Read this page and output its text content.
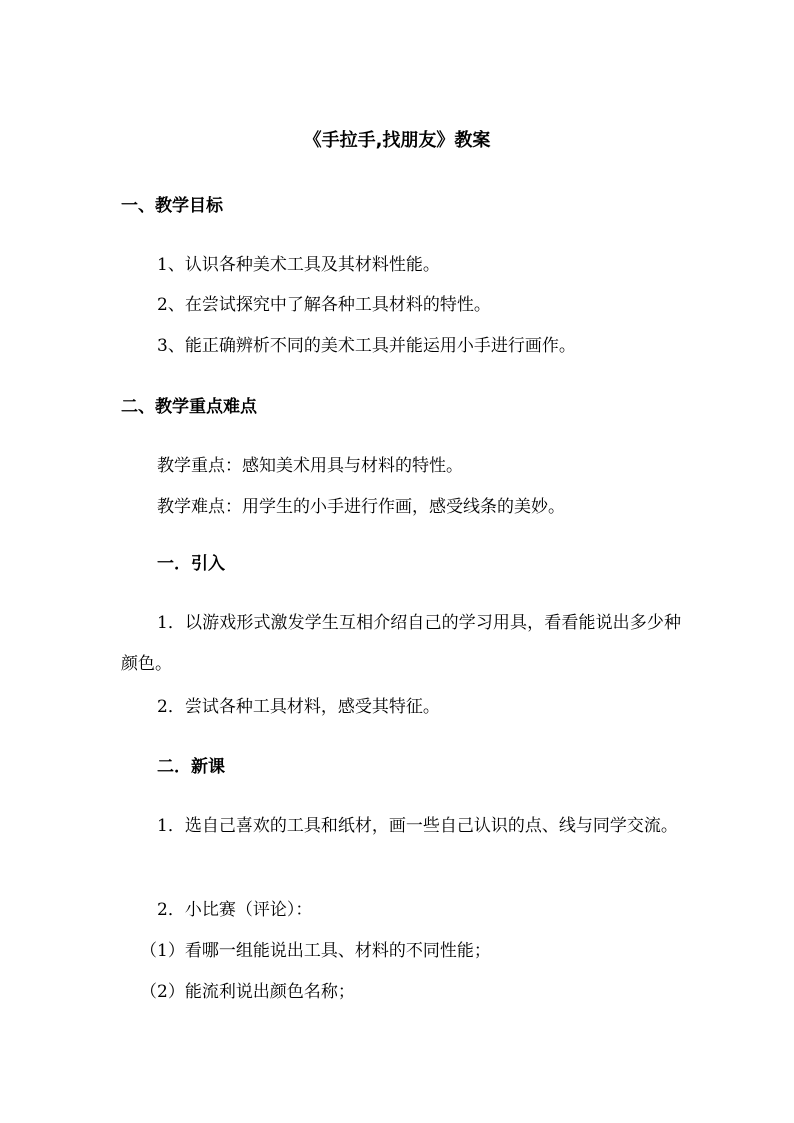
《手拉手,找朋友》教案
一、教学目标
1、认识各种美术工具及其材料性能。
2、在尝试探究中了解各种工具材料的特性。
3、能正确辨析不同的美术工具并能运用小手进行画作。
二、教学重点难点
教学重点：感知美术用具与材料的特性。
教学难点：用学生的小手进行作画，感受线条的美妙。
一．引入
1．以游戏形式激发学生互相介绍自己的学习用具，看看能说出多少种颜色。
2．尝试各种工具材料，感受其特征。
二．新课
1．选自己喜欢的工具和纸材，画一些自己认识的点、线与同学交流。
2．小比赛（评论）：
（1）看哪一组能说出工具、材料的不同性能；
（2）能流利说出颜色名称；
